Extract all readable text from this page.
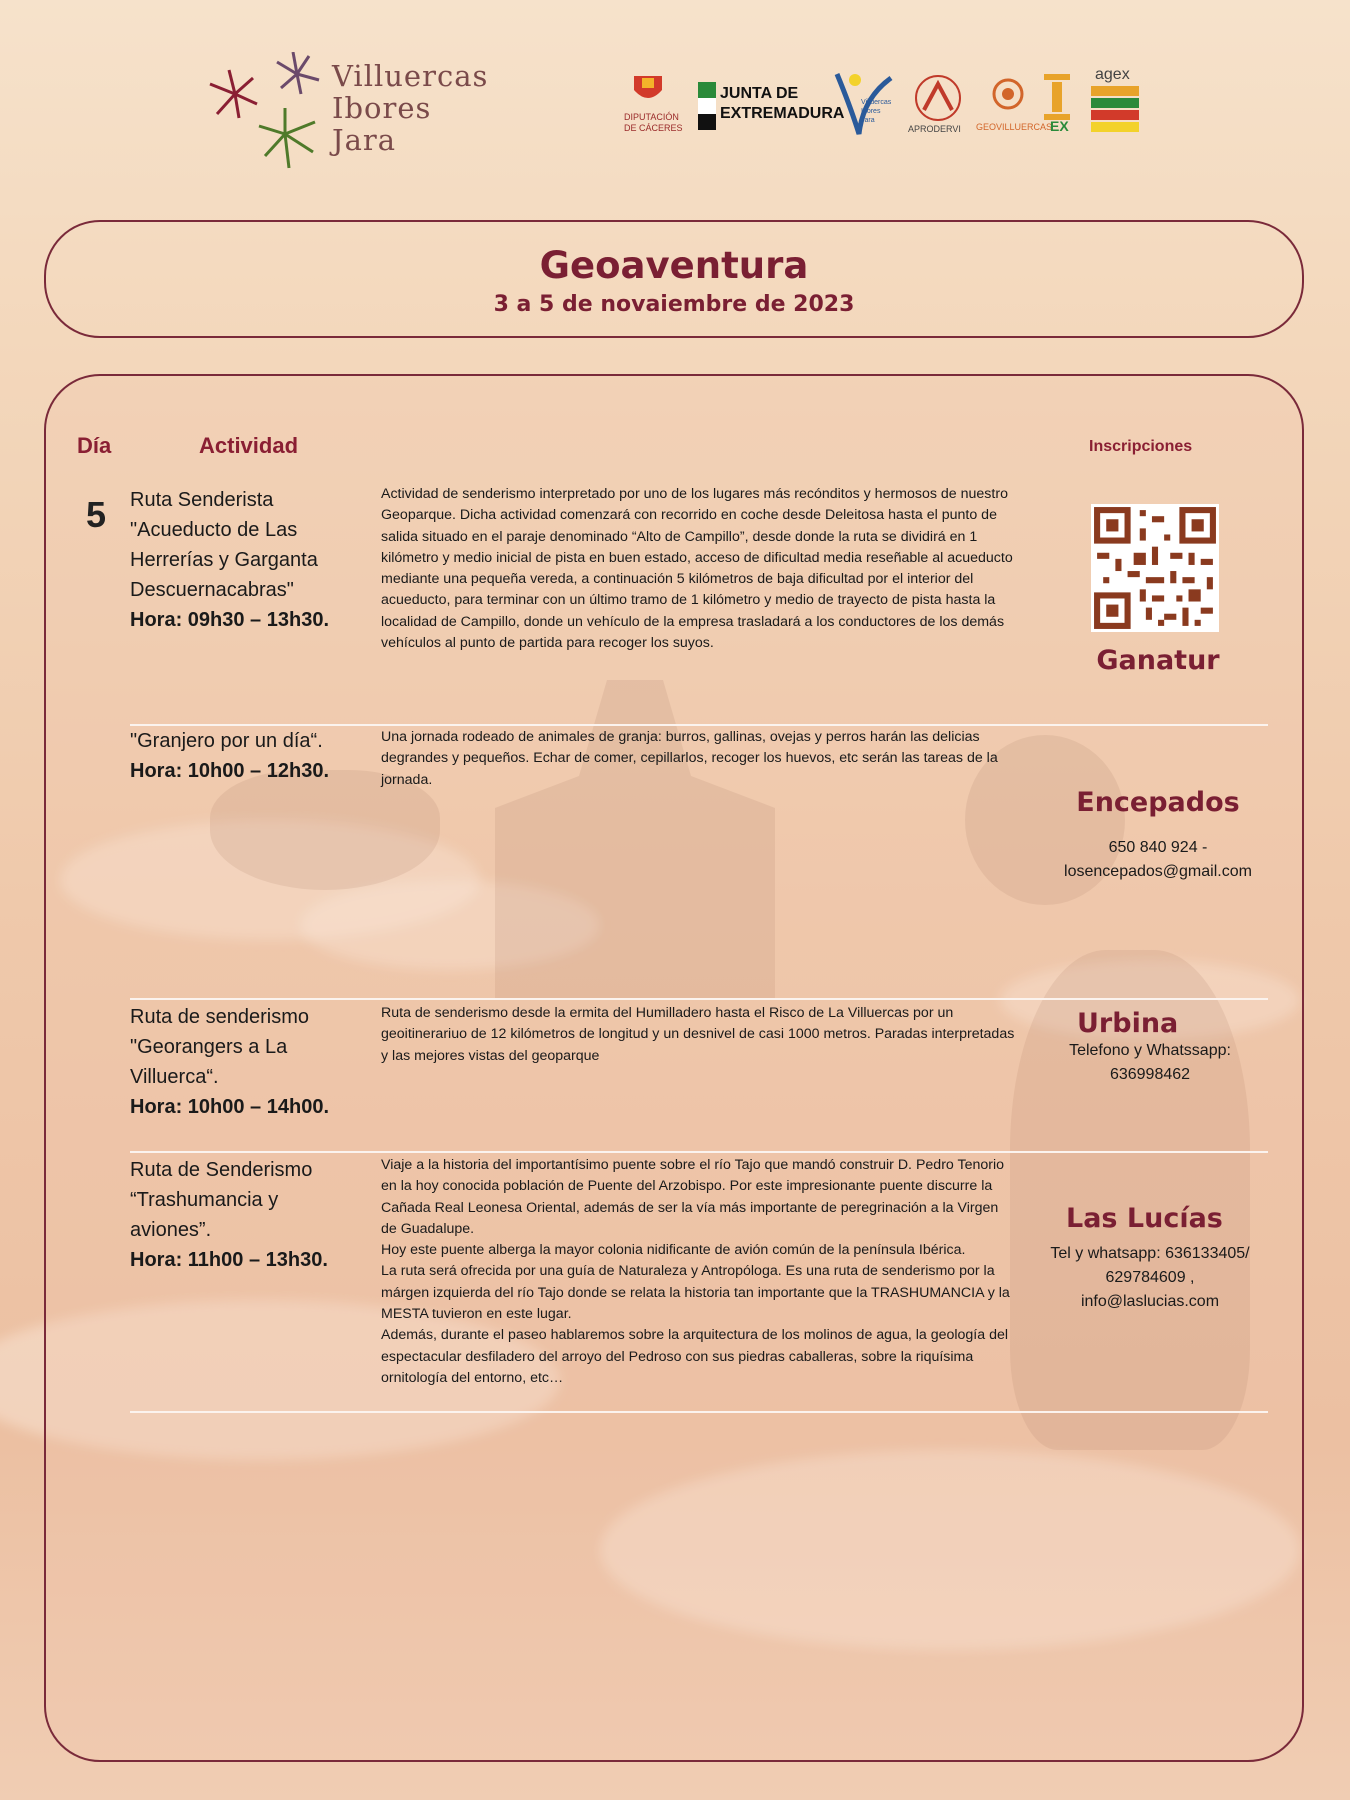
Villuercas
Ibores
Jara
DIPUTACIÓN
DE CÁCERES
JUNTA DE
EXTREMADURA
Villuercas Ibores Jara
APRODERVI GEOVILLUERCAS
EX
agex
Geoaventura
3 a 5 de novaiembre de 2023
Día	Actividad	Inscripciones
5 Ruta Senderista "Acueducto de Las Herrerías y Garganta Descuernacabras"
Hora: 09h30 – 13h30.
Actividad de senderismo interpretado por uno de los lugares más recónditos y hermosos de nuestro Geoparque. Dicha actividad comenzará con recorrido en coche desde Deleitosa hasta el punto de salida situado en el paraje denominado “Alto de Campillo”, desde donde la ruta se dividirá en 1 kilómetro y medio inicial de pista en buen estado, acceso de dificultad media reseñable al acueducto mediante una pequeña vereda, a continuación 5 kilómetros de baja dificultad por el interior del acueducto, para terminar con un último tramo de 1 kilómetro y medio de trayecto de pista hasta la localidad de Campillo, donde un vehículo de la empresa trasladará a los conductores de los demás vehículos al punto de partida para recoger los suyos.
Ganatur
"Granjero por un día“.
Hora: 10h00 – 12h30.
Una jornada rodeado de animales de granja: burros, gallinas, ovejas y perros harán las delicias degrandes y pequeños. Echar de comer, cepillarlos, recoger los huevos, etc serán las tareas de la jornada.
Encepados
650 840 924 -
losencepados@gmail.com
Ruta de senderismo "Georangers a La Villuerca“.
Hora: 10h00 – 14h00.
Ruta de senderismo desde la ermita del Humilladero hasta el Risco de La Villuercas por un geoitinerariuo de 12 kilómetros de longitud y un desnivel de casi 1000 metros. Paradas interpretadas y las mejores vistas del geoparque
Urbina
Telefono y Whatssapp:
636998462
Ruta de Senderismo “Trashumancia y aviones”.
Hora: 11h00 – 13h30.
Viaje a la historia del importantísimo puente sobre el río Tajo que mandó construir D. Pedro Tenorio en la hoy conocida población de Puente del Arzobispo. Por este impresionante puente discurre la Cañada Real Leonesa Oriental, además de ser la vía más importante de peregrinación a la Virgen de Guadalupe.
Hoy este puente alberga la mayor colonia nidificante de avión común de la península Ibérica.
La ruta será ofrecida por una guía de Naturaleza y Antropóloga. Es una ruta de senderismo por la márgen izquierda del río Tajo donde se relata la historia tan importante que la TRASHUMANCIA y la MESTA tuvieron en este lugar.
Además, durante el paseo hablaremos sobre la arquitectura de los molinos de agua, la geología del espectacular desfiladero del arroyo del Pedroso con sus piedras caballeras, sobre la riquísima ornitología del entorno, etc…
Las Lucías
Tel y whatsapp: 636133405/
629784609 ,
info@laslucias.com
